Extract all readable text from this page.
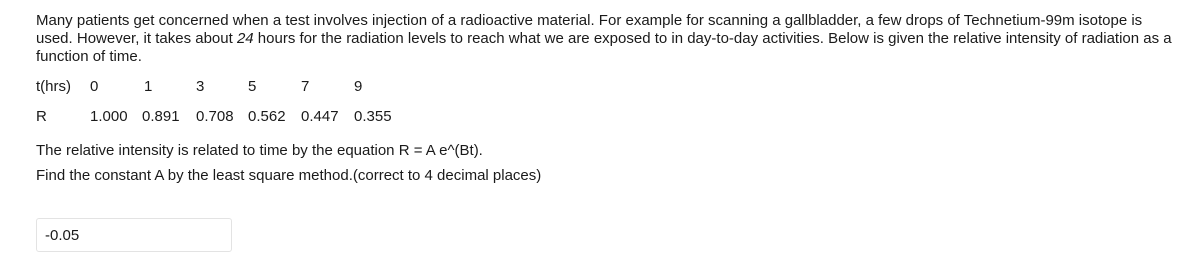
Many patients get concerned when a test involves injection of a radioactive material. For example for scanning a gallbladder, a few drops of Technetium-99m isotope is used. However, it takes about 24 hours for the radiation levels to reach what we are exposed to in day-to-day activities. Below is given the relative intensity of radiation as a function of time.

t(hrs) 0	1	3	5	7	9
R	1.000 0.891 0.708 0.562 0.447 0.355
The relative intensity is related to time by the equation R = A e^(Bt).
Find the constant A by the least square method.(correct to 4 decimal places)
-0.05
